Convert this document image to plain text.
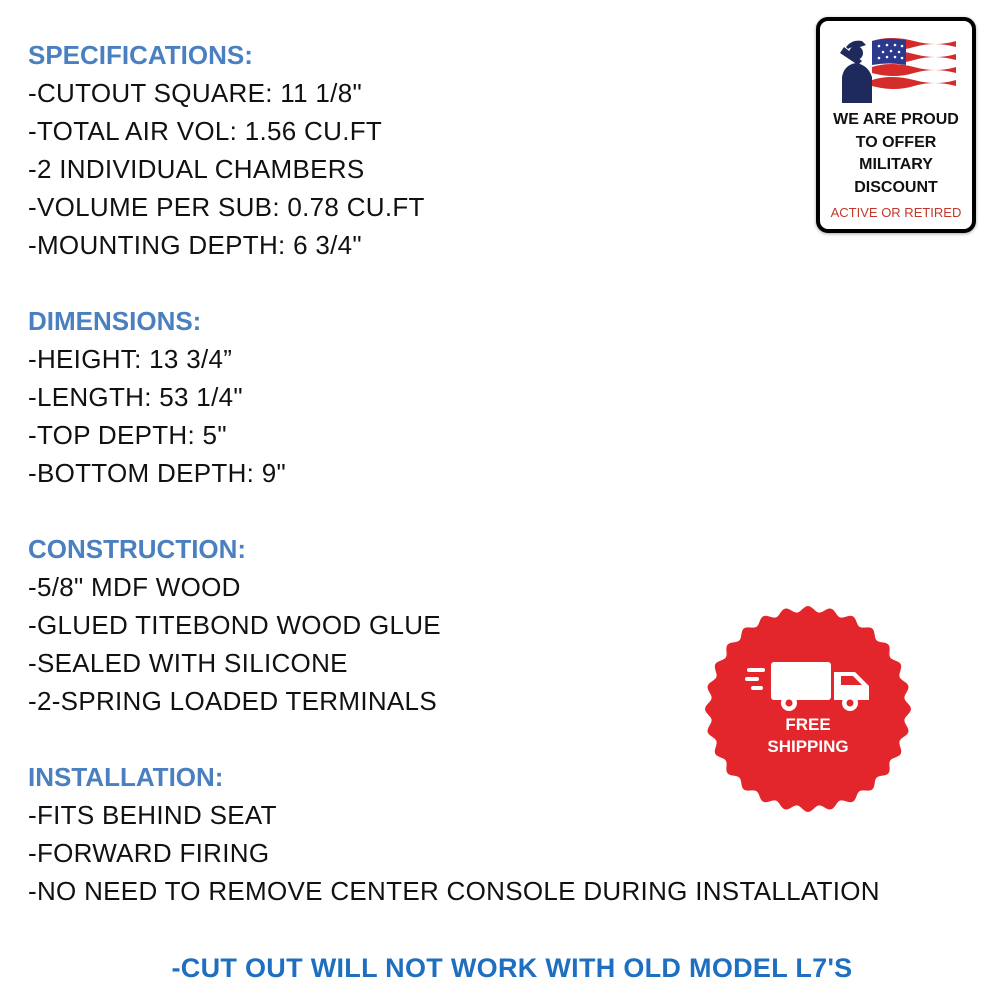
SPECIFICATIONS:
-CUTOUT SQUARE: 11 1/8"
-TOTAL AIR VOL: 1.56 CU.FT
-2 INDIVIDUAL CHAMBERS
-VOLUME PER SUB: 0.78 CU.FT
-MOUNTING DEPTH: 6 3/4"
DIMENSIONS:
-HEIGHT: 13 3/4”
-LENGTH: 53 1/4"
-TOP DEPTH: 5"
-BOTTOM DEPTH: 9"
CONSTRUCTION:
-5/8" MDF WOOD
-GLUED TITEBOND WOOD GLUE
-SEALED WITH SILICONE
-2-SPRING LOADED TERMINALS
INSTALLATION:
-FITS BEHIND SEAT
-FORWARD FIRING
-NO NEED TO REMOVE CENTER CONSOLE DURING INSTALLATION
-CUT OUT WILL NOT WORK WITH OLD MODEL L7'S
WE ARE PROUD
TO OFFER
MILITARY
DISCOUNT
ACTIVE OR RETIRED
FREE
SHIPPING
